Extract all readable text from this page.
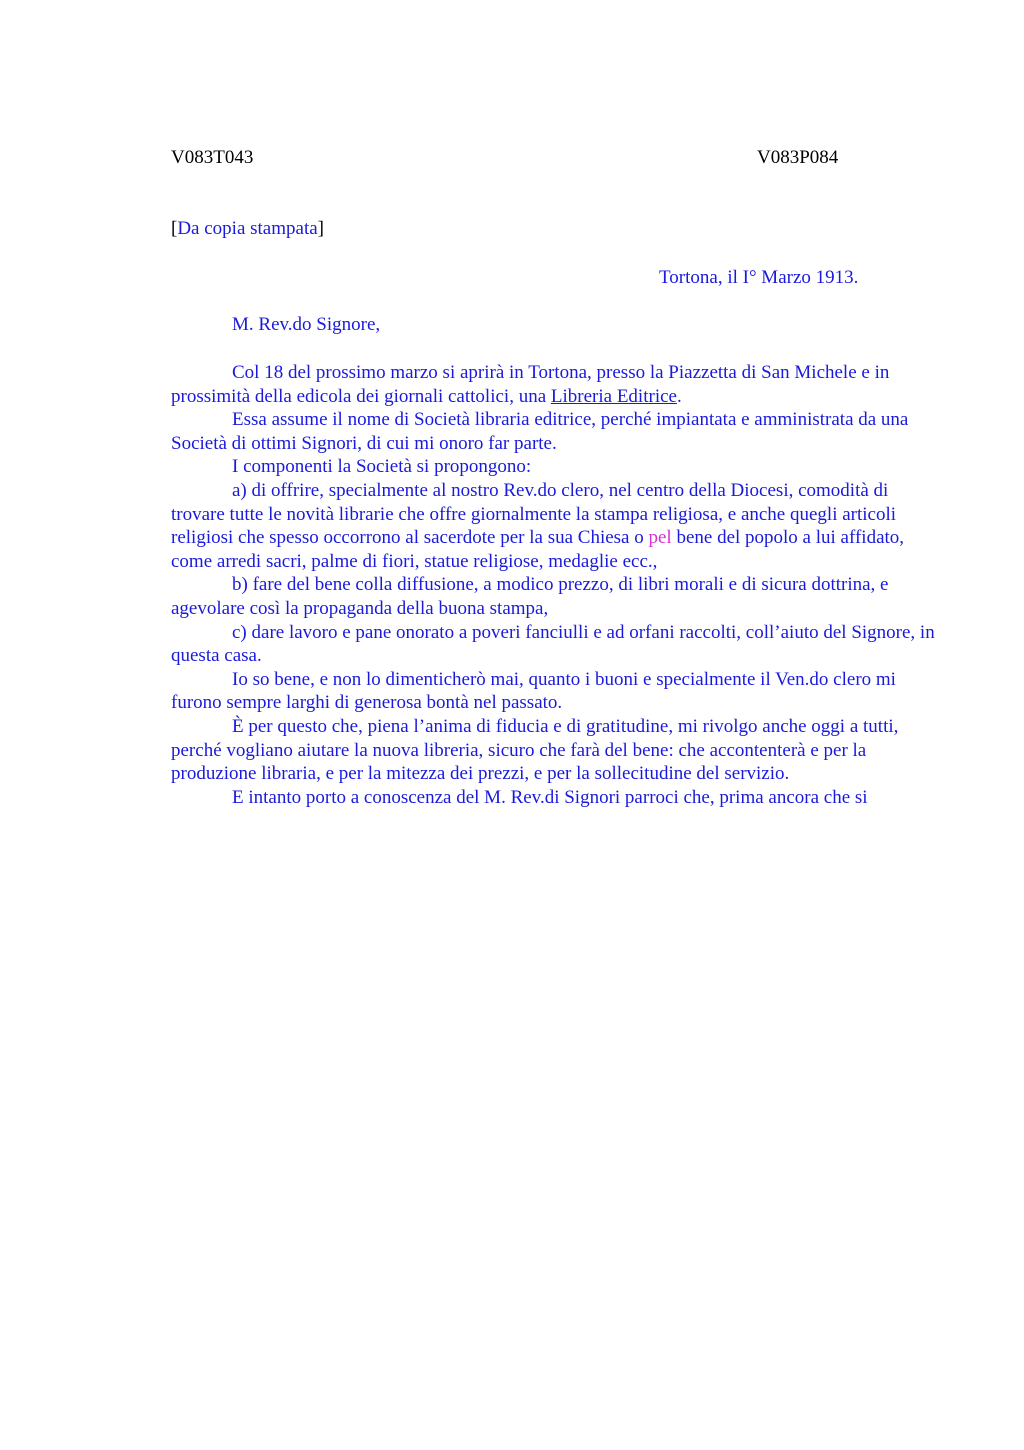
V083T043	V083P084
[Da copia stampata]
Tortona, il I° Marzo 1913.
M. Rev.do Signore,

Col 18 del prossimo marzo si aprirà in Tortona, presso la Piazzetta di San Michele e in prossimità della edicola dei giornali cattolici, una Libreria Editrice.

Essa assume il nome di Società libraria editrice, perché impiantata e amministrata da una Società di ottimi Signori, di cui mi onoro far parte.

I componenti la Società si propongono:

a) di offrire, specialmente al nostro Rev.do clero, nel centro della Diocesi, comodità di trovare tutte le novità librarie che offre giornalmente la stampa religiosa, e anche quegli articoli religiosi che spesso occorrono al sacerdote per la sua Chiesa o pel bene del popolo a lui affidato, come arredi sacri, palme di fiori, statue religiose, medaglie ecc.,

b) fare del bene colla diffusione, a modico prezzo, di libri morali e di sicura dottrina, e agevolare così la propaganda della buona stampa,

c) dare lavoro e pane onorato a poveri fanciulli e ad orfani raccolti, coll’aiuto del Signore, in questa casa.

Io so bene, e non lo dimenticherò mai, quanto i buoni e specialmente il Ven.do clero mi furono sempre larghi di generosa bontà nel passato.

È per questo che, piena l’anima di fiducia e di gratitudine, mi rivolgo anche oggi a tutti, perché vogliano aiutare la nuova libreria, sicuro che farà del bene: che accontenterà e per la produzione libraria, e per la mitezza dei prezzi, e per la sollecitudine del servizio.

E intanto porto a conoscenza del M. Rev.di Signori parroci che, prima ancora che si
